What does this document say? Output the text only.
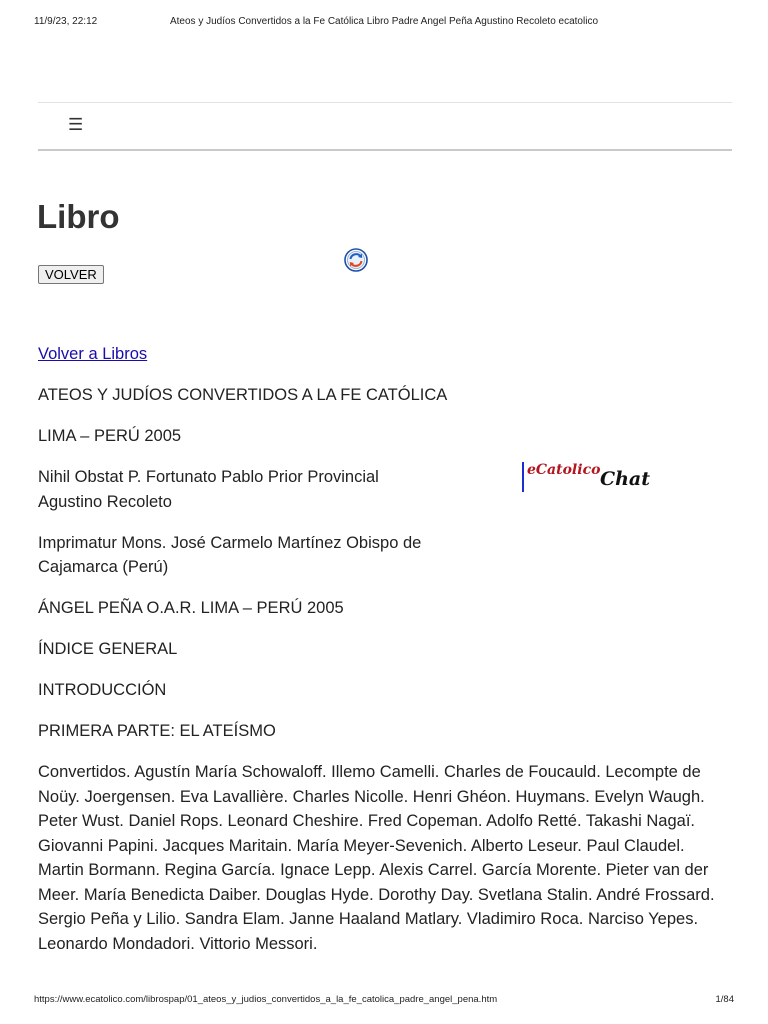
11/9/23, 22:12	Ateos y Judíos Convertidos a la Fe Católica Libro Padre Angel Peña Agustino Recoleto ecatolico
☰
Libro
VOLVER
eCatolico Chat

Volver a Libros

ATEOS Y JUDÍOS CONVERTIDOS A LA FE CATÓLICA

LIMA – PERÚ 2005

Nihil Obstat P. Fortunato Pablo Prior Provincial Agustino Recoleto

Imprimatur Mons. José Carmelo Martínez Obispo de Cajamarca (Perú)

ÁNGEL PEÑA O.A.R. LIMA – PERÚ 2005

ÍNDICE GENERAL

INTRODUCCIÓN

PRIMERA PARTE: EL ATEÍSMO

Convertidos. Agustín María Schowaloff. Illemo Camelli. Charles de Foucauld. Lecompte de Noüy. Joergensen. Eva Lavallière. Charles Nicolle. Henri Ghéon. Huymans. Evelyn Waugh. Peter Wust. Daniel Rops. Leonard Cheshire. Fred Copeman. Adolfo Retté. Takashi Nagaï. Giovanni Papini. Jacques Maritain. María Meyer-Sevenich. Alberto Leseur. Paul Claudel. Martin Bormann. Regina García. Ignace Lepp. Alexis Carrel. García Morente. Pieter van der Meer. María Benedicta Daiber. Douglas Hyde. Dorothy Day. Svetlana Stalin. André Frossard. Sergio Peña y Lilio. Sandra Elam. Janne Haaland Matlary. Vladimiro Roca. Narciso Yepes. Leonardo Mondadori. Vittorio Messori.

https://www.ecatolico.com/librospap/01_ateos_y_judios_convertidos_a_la_fe_catolica_padre_angel_pena.htm	1/84
